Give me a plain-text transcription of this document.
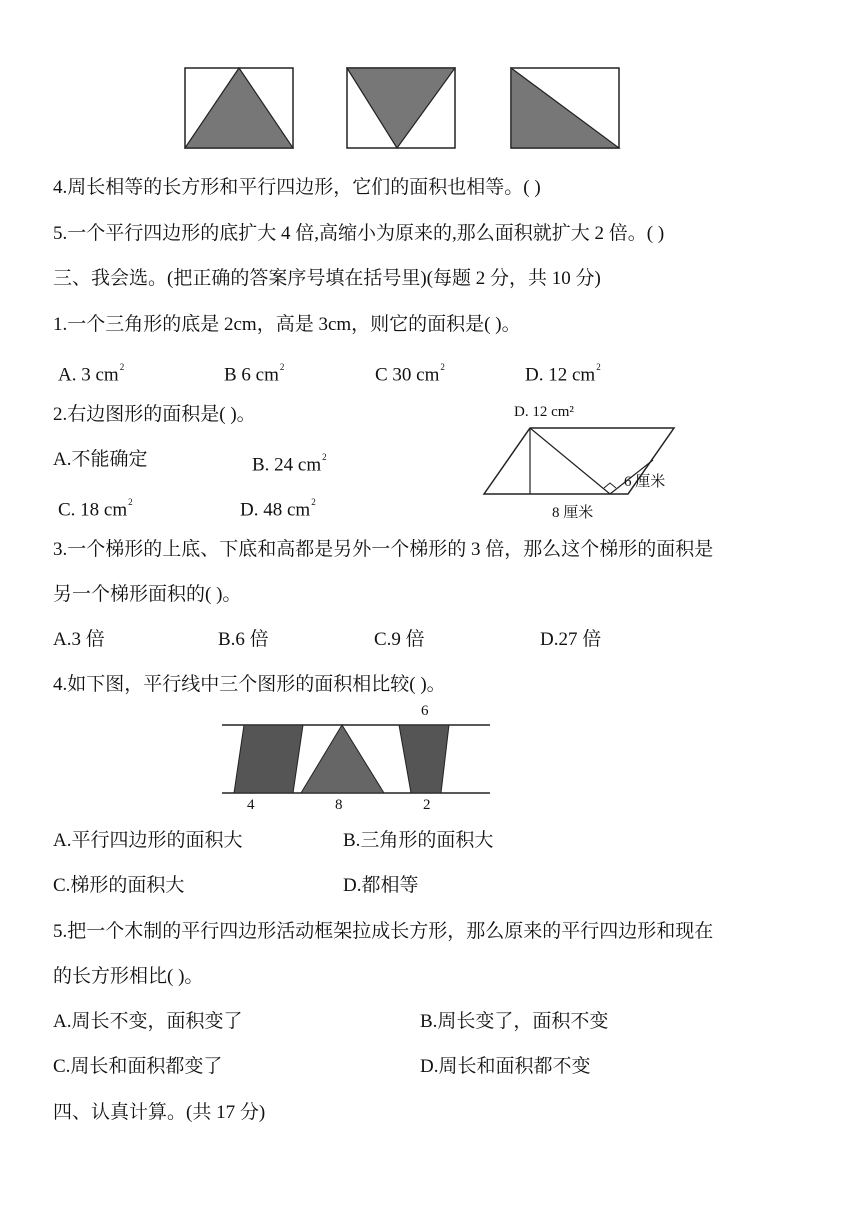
4.周长相等的长方形和平行四边形，它们的面积也相等。( )
5.一个平行四边形的底扩大 4 倍,高缩小为原来的,那么面积就扩大 2 倍。( )
三、我会选。(把正确的答案序号填在括号里)(每题 2 分，共 10 分)
1.一个三角形的底是 2cm，高是 3cm，则它的面积是( )。
A. 3 $cm^2$	B 6 $cm^2$	C 30 $cm^2$	D. 12 $cm^2$
2.右边图形的面积是( )。
A.不能确定	B. 24 $cm^2$
C. 18 $cm^2$	D. 48 $cm^2$
D. 12 cm²
6 厘米
8 厘米
3.一个梯形的上底、下底和高都是另外一个梯形的 3 倍，那么这个梯形的面积是
另一个梯形面积的( )。
A.3 倍	B.6 倍	C.9 倍	D.27 倍
4.如下图，平行线中三个图形的面积相比较( )。
6
4	8	2
A.平行四边形的面积大	B.三角形的面积大
C.梯形的面积大	D.都相等
5.把一个木制的平行四边形活动框架拉成长方形，那么原来的平行四边形和现在
的长方形相比( )。
A.周长不变，面积变了	B.周长变了，面积不变
C.周长和面积都变了	D.周长和面积都不变
四、认真计算。(共 17 分)
